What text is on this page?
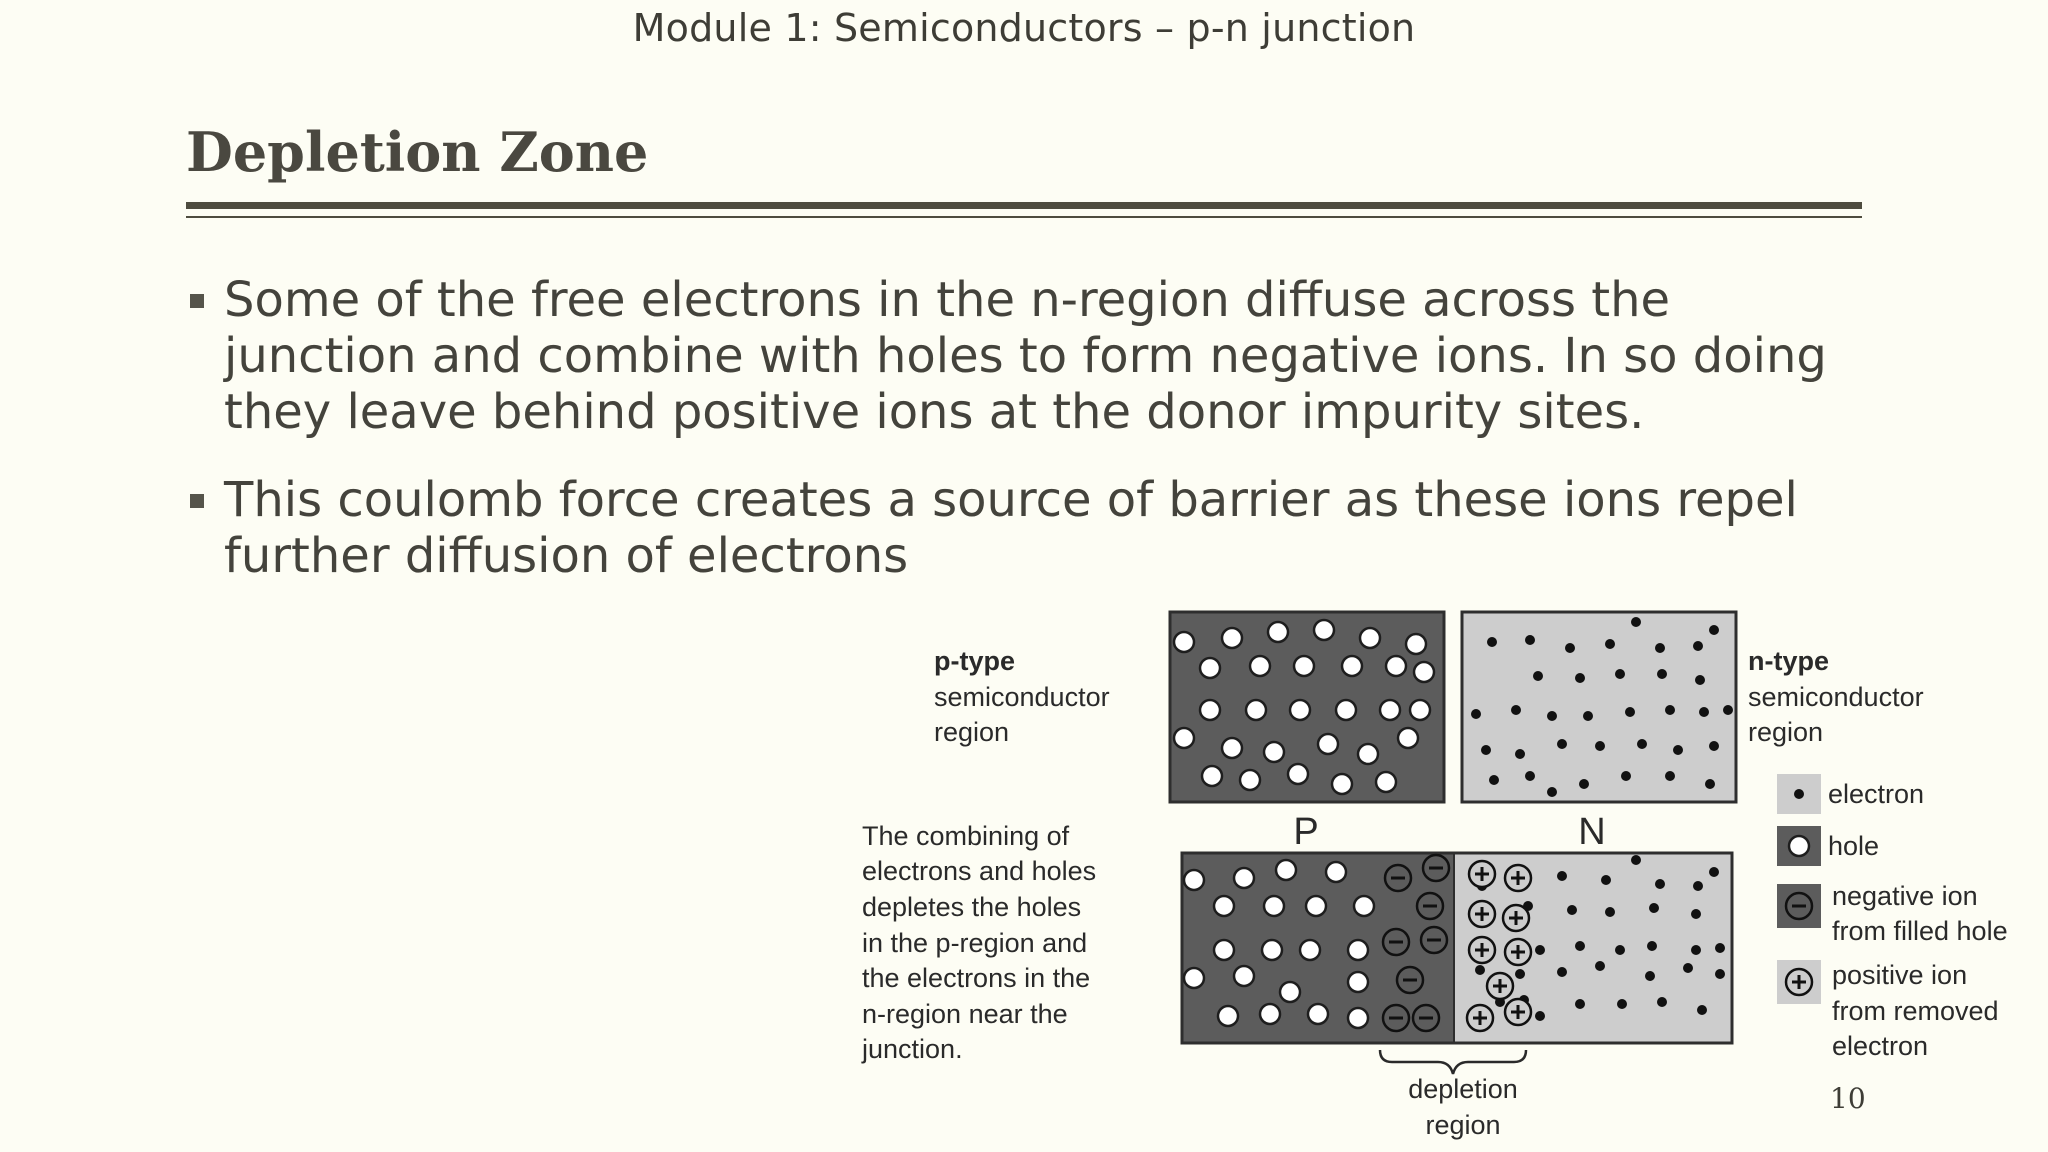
Module 1: Semiconductors – p-n junction
Depletion Zone
Some of the free electrons in the n-region diffuse across the junction and combine with holes to form negative ions. In so doing they leave behind positive ions at the donor impurity sites.
This coulomb force creates a source of barrier as these ions repel further diffusion of electrons
p-type
semiconductor
region
n-type
semiconductor
region
P	N
The combining of
electrons and holes
depletes the holes
in the p-region and
the electrons in the
n-region near the
junction.
depletion
region
electron
hole
negative ion
from filled hole
positive ion
from removed
electron
10
